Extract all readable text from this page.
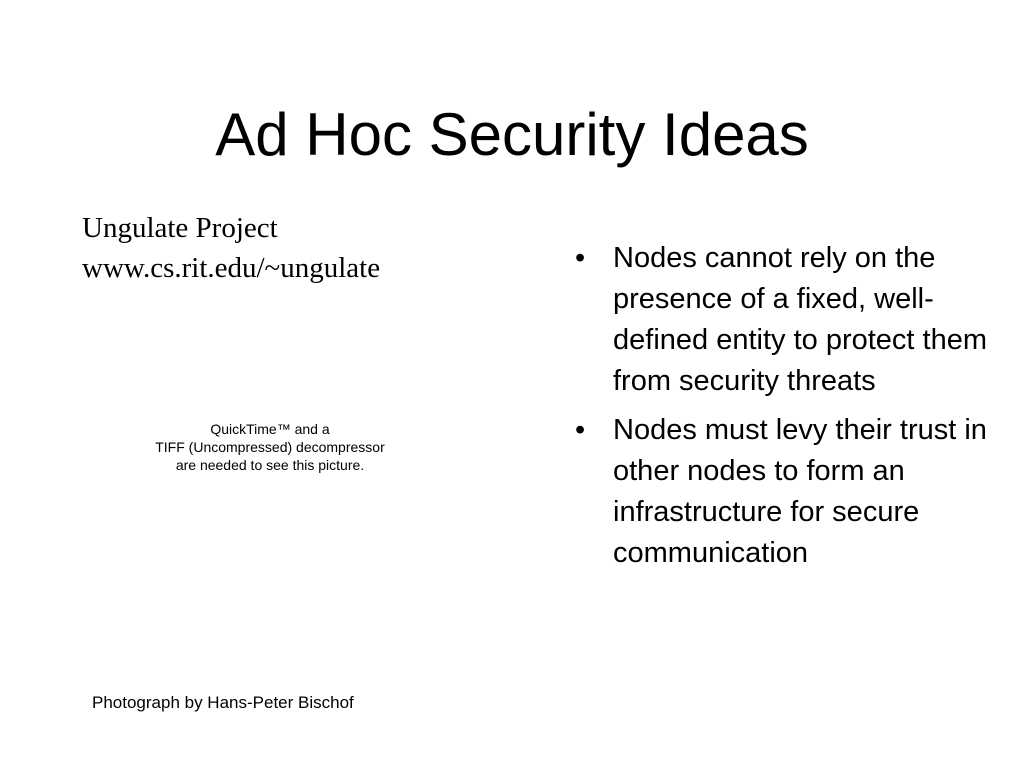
Ad Hoc Security Ideas
Ungulate Project
www.cs.rit.edu/~ungulate
QuickTime™ and a
TIFF (Uncompressed) decompressor
are needed to see this picture.
• Nodes cannot rely on the presence of a fixed, well-defined entity to protect them from security threats
• Nodes must levy their trust in other nodes to form an infrastructure for secure communication
Photograph by Hans-Peter Bischof
